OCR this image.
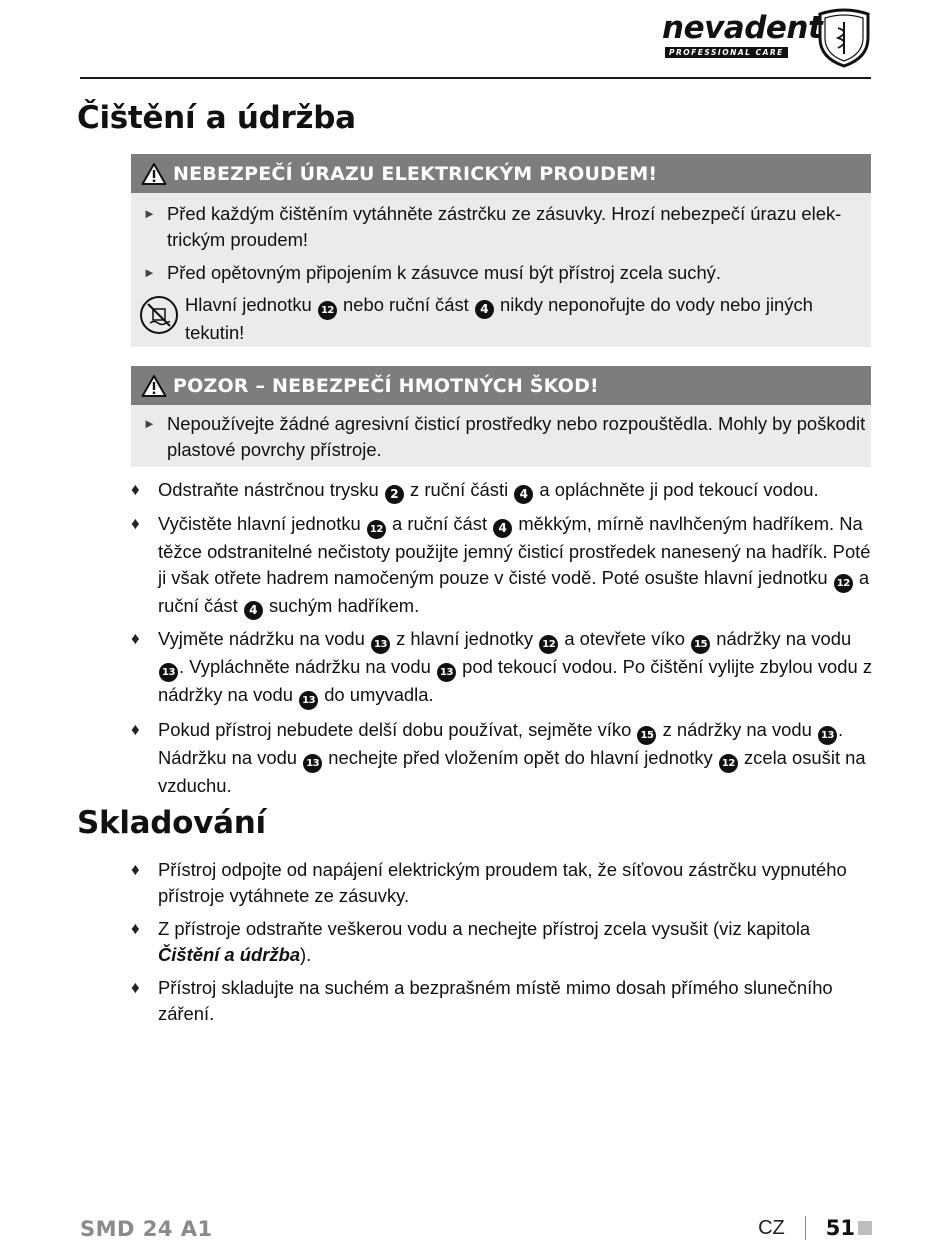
nevadent
PROFESSIONAL CARE
Čištění a údržba
NEBEZPEČÍ ÚRAZU ELEKTRICKÝM PROUDEM!
► Před každým čištěním vytáhněte zástrčku ze zásuvky. Hrozí nebezpečí úrazu elek-trickým proudem!
► Před opětovným připojením k zásuvce musí být přístroj zcela suchý.
Hlavní jednotku 12 nebo ruční část 4 nikdy neponořujte do vody nebo jiných tekutin!
POZOR – NEBEZPEČÍ HMOTNÝCH ŠKOD!
► Nepoužívejte žádné agresivní čisticí prostředky nebo rozpouštědla. Mohly by poškodit plastové povrchy přístroje.
♦ Odstraňte nástrčnou trysku 2 z ruční části 4 a opláchněte ji pod tekoucí vodou.
♦ Vyčistěte hlavní jednotku 12 a ruční část 4 měkkým, mírně navlhčeným hadříkem. Na těžce odstranitelné nečistoty použijte jemný čisticí prostředek nanesený na hadřík. Poté ji však otřete hadrem namočeným pouze v čisté vodě. Poté osušte hlavní jednotku 12 a ruční část 4 suchým hadříkem.
♦ Vyjměte nádržku na vodu 13 z hlavní jednotky 12 a otevřete víko 15 nádržky na vodu 13 . Vypláchněte nádržku na vodu 13 pod tekoucí vodou. Po čištění vylijte zbylou vodu z nádržky na vodu 13 do umyvadla.
♦ Pokud přístroj nebudete delší dobu používat, sejměte víko 15 z nádržky na vodu 13 . Nádržku na vodu 13 nechejte před vložením opět do hlavní jednotky 12 zcela osušit na vzduchu.
Skladování
♦ Přístroj odpojte od napájení elektrickým proudem tak, že síťovou zástrčku vypnutého přístroje vytáhnete ze zásuvky.
♦ Z přístroje odstraňte veškerou vodu a nechejte přístroj zcela vysušit (viz kapitola Čištění a údržba).
♦ Přístroj skladujte na suchém a bezprašném místě mimo dosah přímého slunečního záření.
SMD 24 A1	CZ 51
